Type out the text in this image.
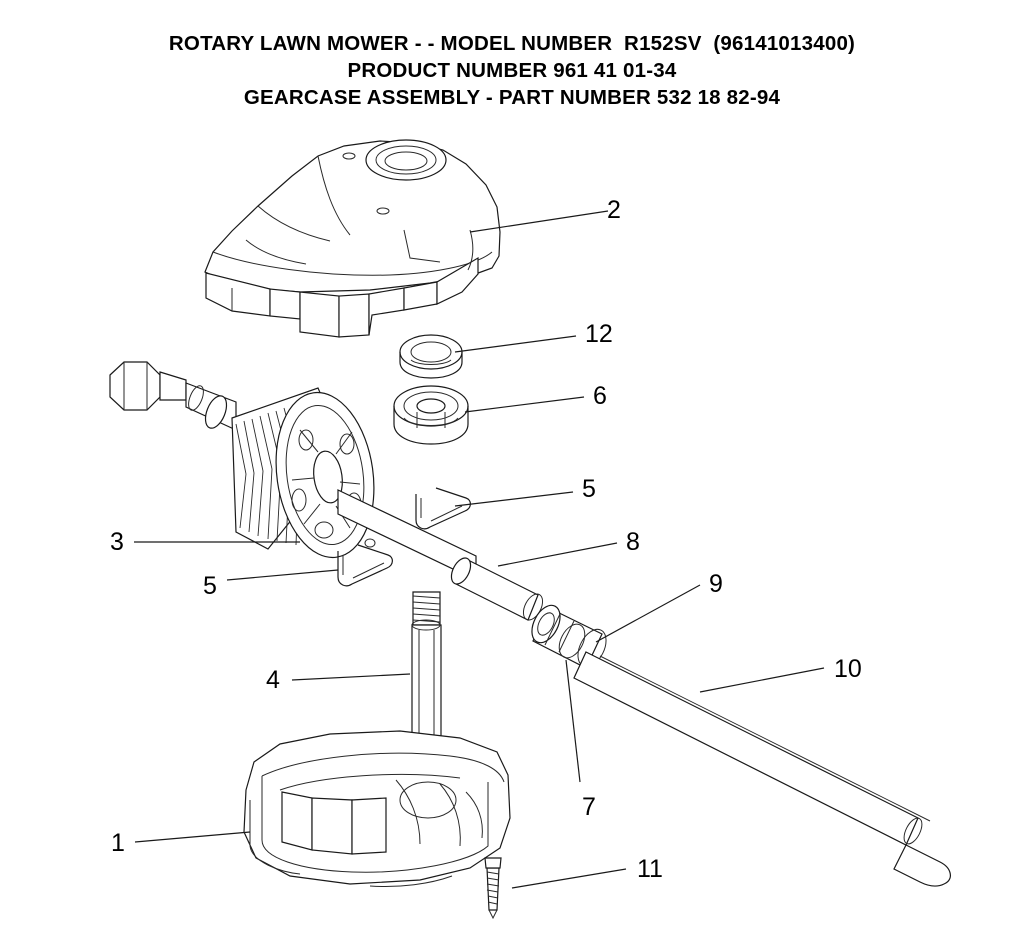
ROTARY LAWN MOWER - - MODEL NUMBER  R152SV  (96141013400)
PRODUCT NUMBER 961 41 01-34
GEARCASE ASSEMBLY - PART NUMBER 532 18 82-94
2
12
6
5
3	8
5	9
10
4
7
1
11
